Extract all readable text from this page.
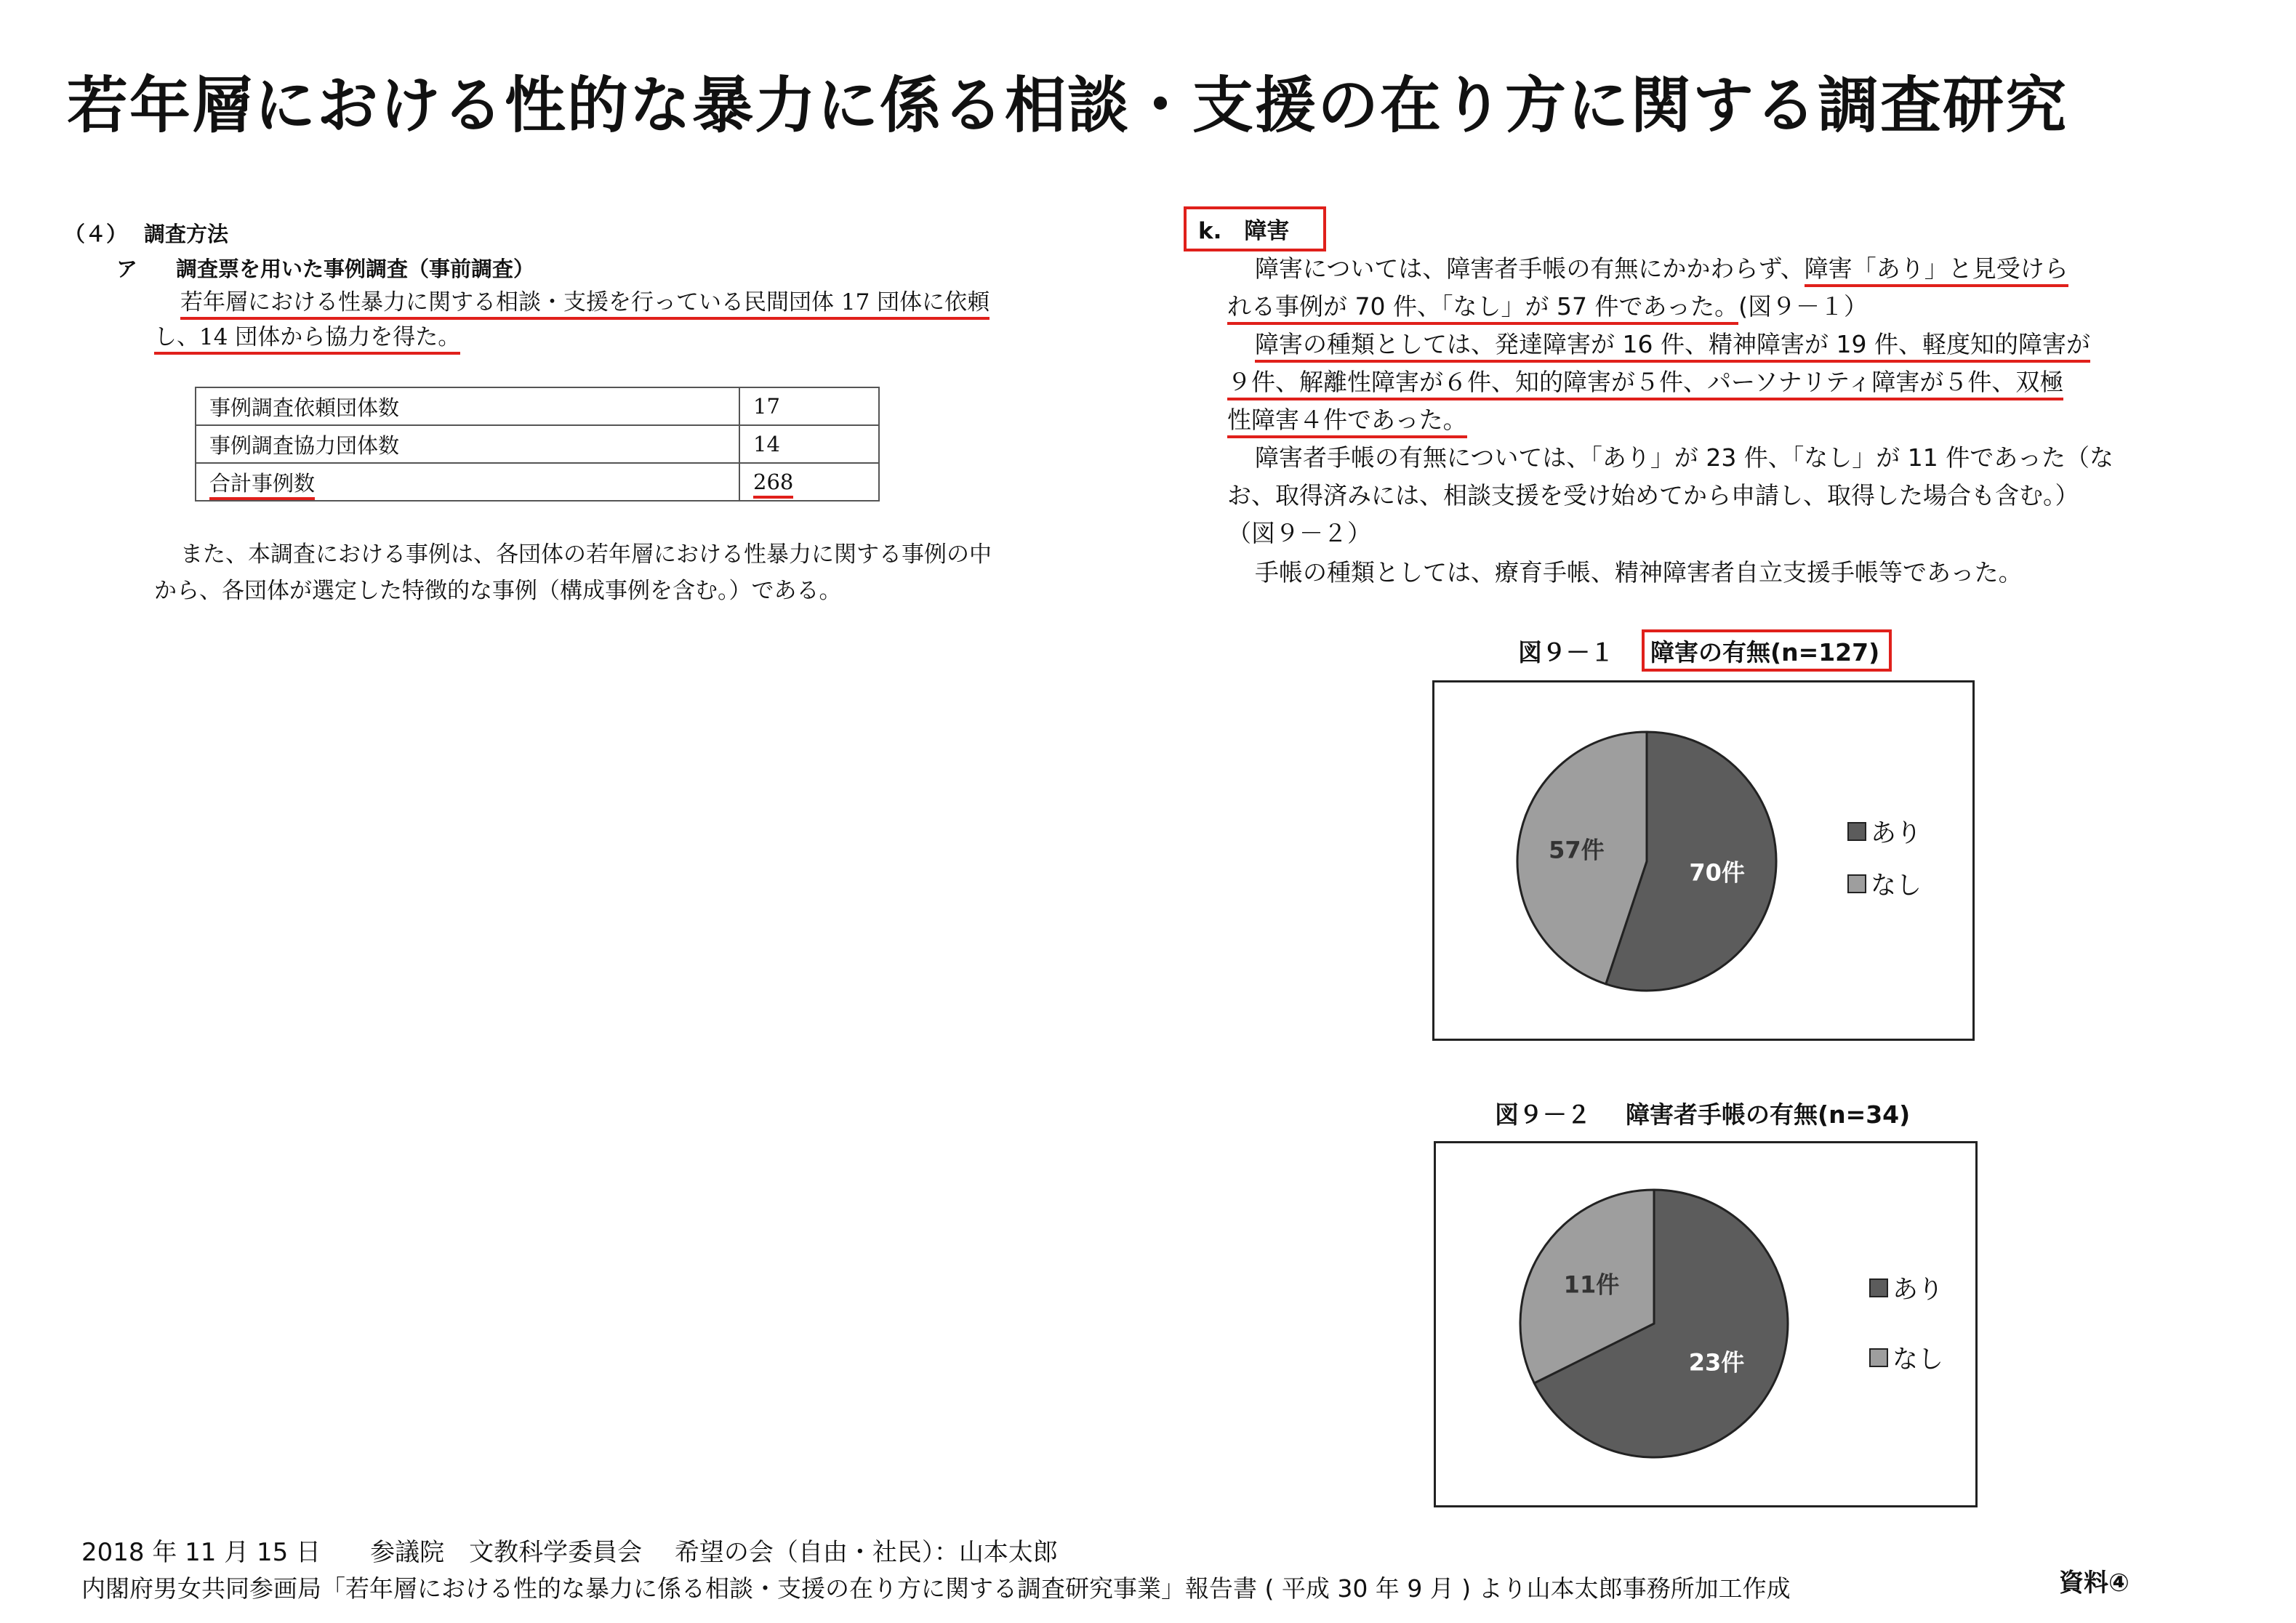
若年層における性的な暴力に係る相談・支援の在り方に関する調査研究
（４） 調査方法
ア 調査票を用いた事例調査（事前調査）
若年層における性暴力に関する相談・支援を行っている民間団体 17 団体に依頼
し、14 団体から協力を得た。
事例調査依頼団体数	17
事例調査協力団体数	14
合計事例数	268
また、本調査における事例は、各団体の若年層における性暴力に関する事例の中
から、各団体が選定した特徴的な事例（構成事例を含む。）である。
k.　障害
障害については、障害者手帳の有無にかかわらず、障害「あり」と見受けら
れる事例が 70 件、「なし」が 57 件であった。(図９－１）
障害の種類としては、発達障害が 16 件、精神障害が 19 件、軽度知的障害が
９件、解離性障害が６件、知的障害が５件、パーソナリティ障害が５件、双極
性障害４件であった。
障害者手帳の有無については、「あり」が 23 件、「なし」が 11 件であった（な
お、取得済みには、相談支援を受け始めてから申請し、取得した場合も含む。）
（図９－２）
手帳の種類としては、療育手帳、精神障害者自立支援手帳等であった。
図９－１ 障害の有無(n=127)
70件
57件
あり
なし
図９－２ 障害者手帳の有無(n=34)
23件
11件	あり
なし
2018 年 11 月 15 日　　参議院　文教科学委員会　 希望の会（自由・社民）：山本太郎
内閣府男女共同参画局「若年層における性的な暴力に係る相談・支援の在り方に関する調査研究事業」報告書 ( 平成 30 年 9 月 ) より山本太郎事務所加工作成	資料④
